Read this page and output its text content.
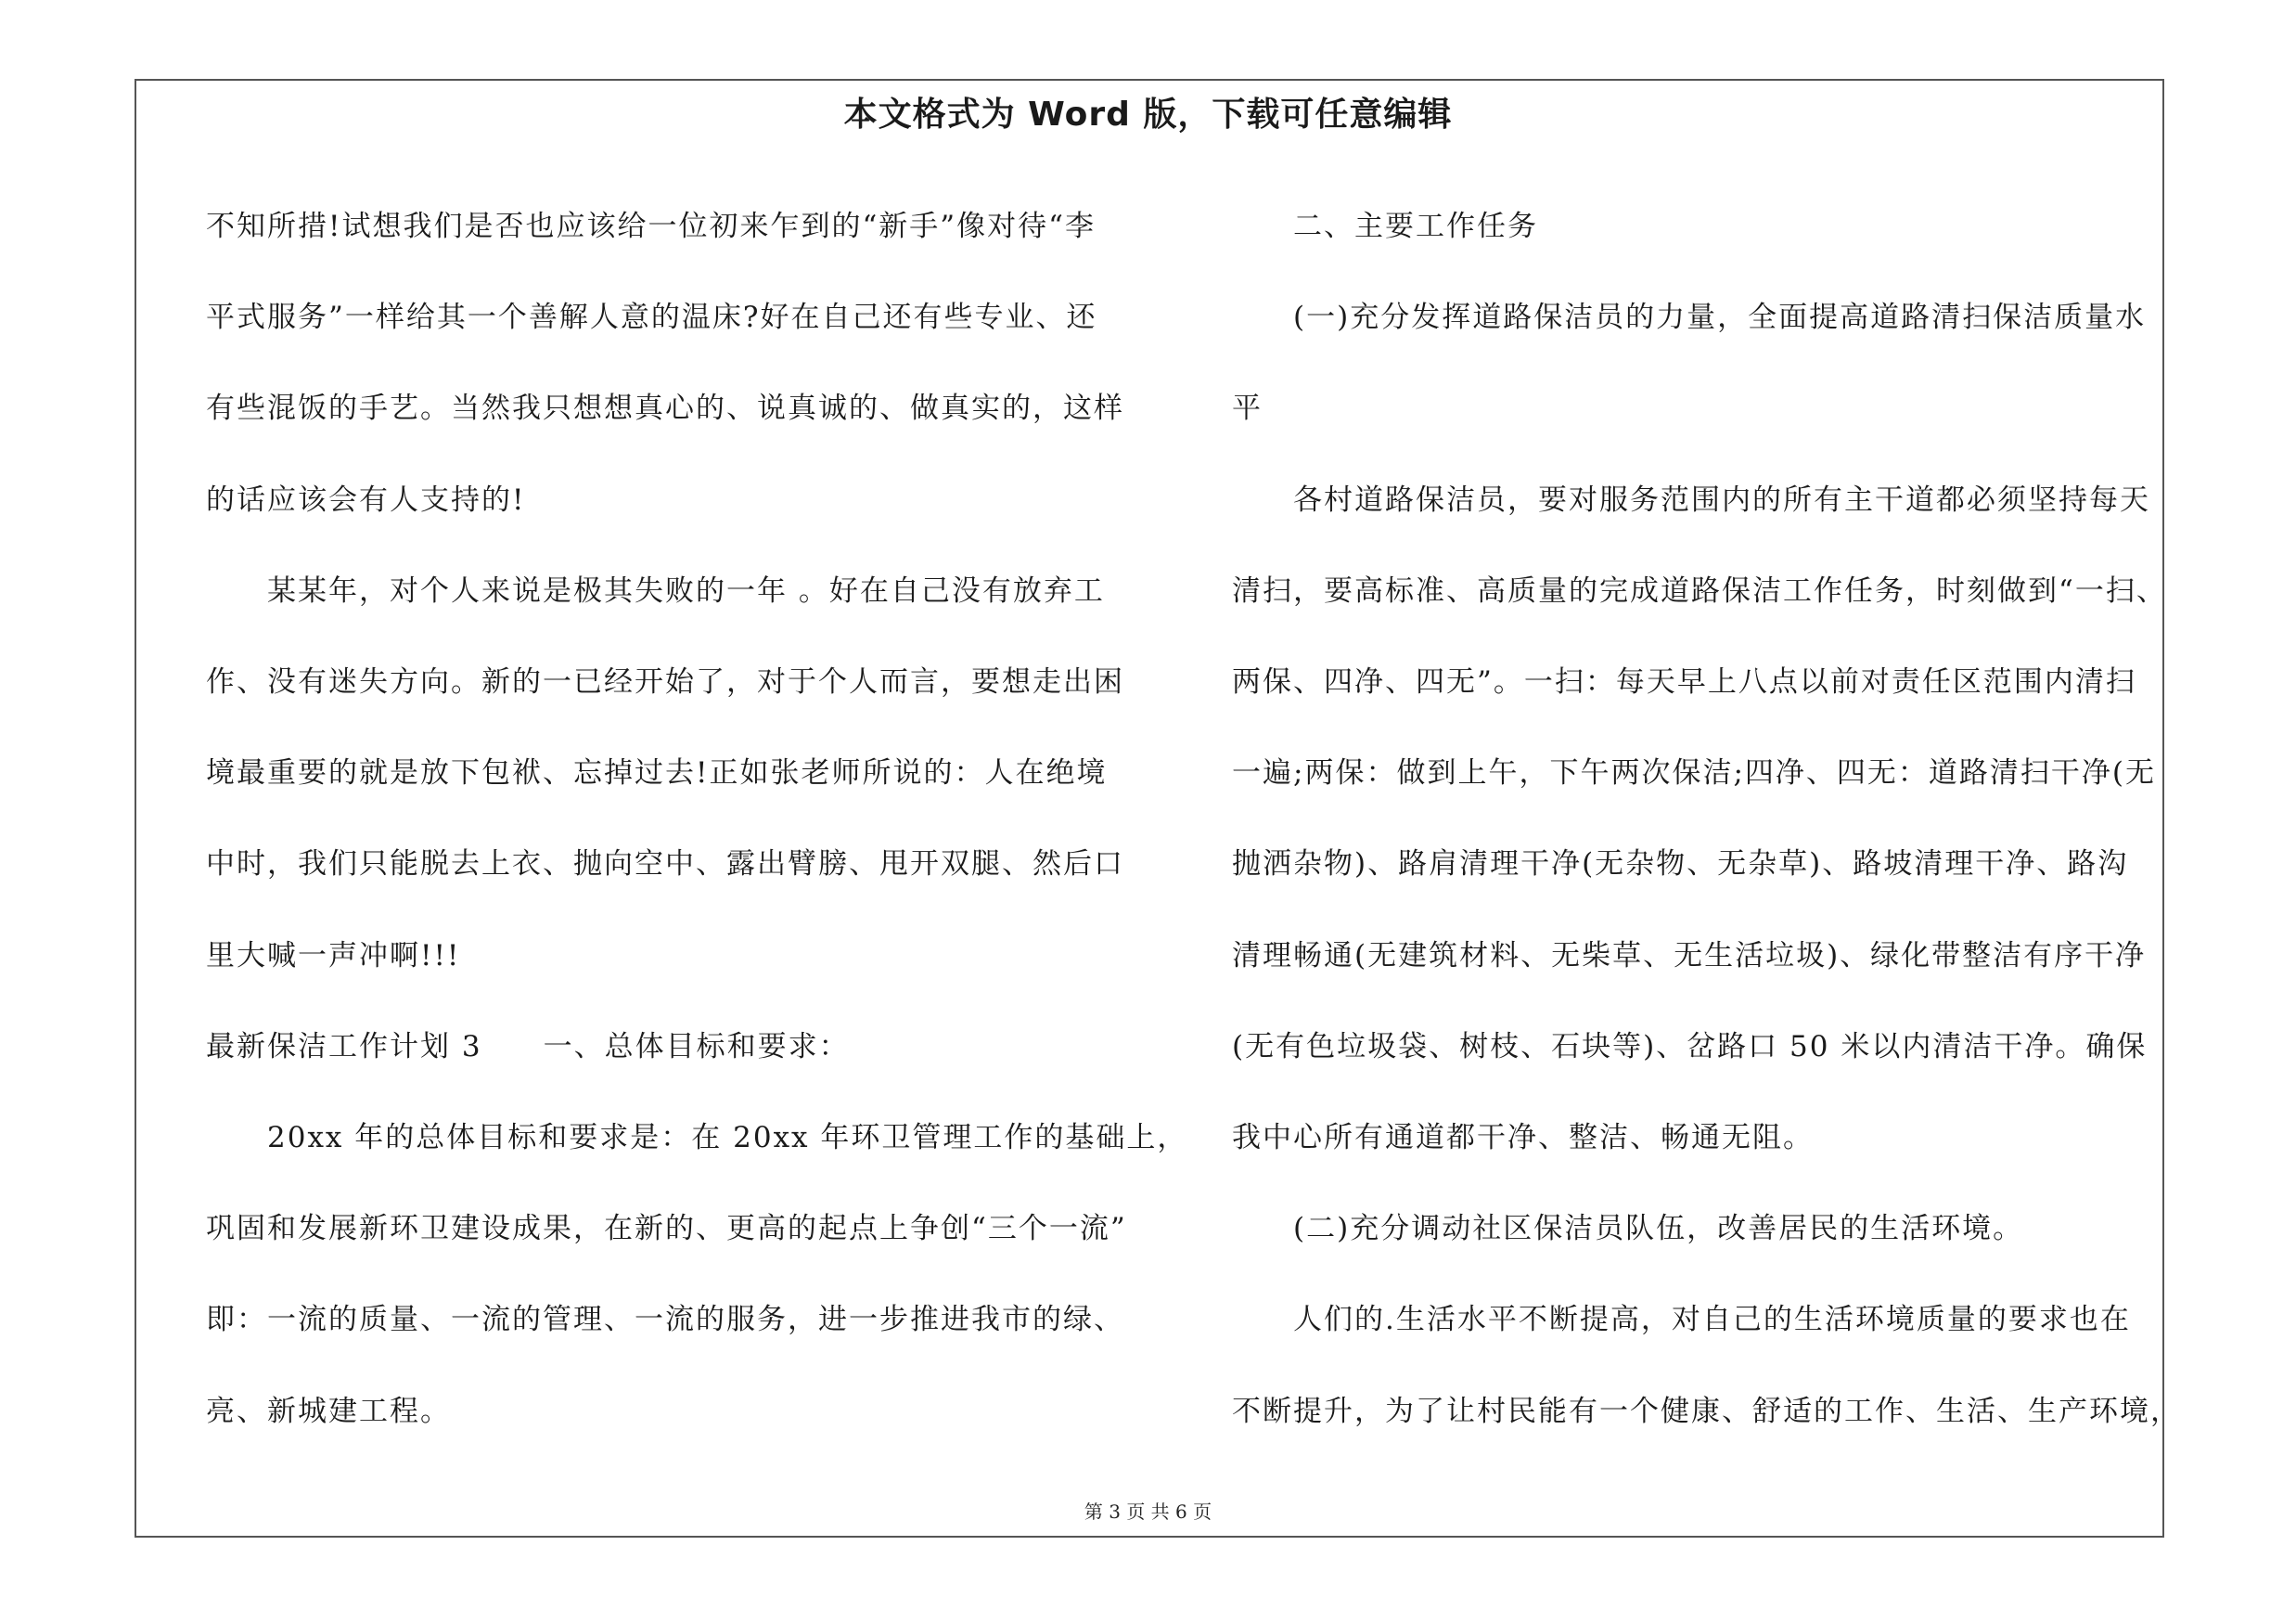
本文格式为 Word 版，下载可任意编辑

不知所措!试想我们是否也应该给一位初来乍到的“新手”像对待“李

平式服务”一样给其一个善解人意的温床?好在自己还有些专业、还

有些混饭的手艺。当然我只想想真心的、说真诚的、做真实的，这样

的话应该会有人支持的!

　　某某年，对个人来说是极其失败的一年 。好在自己没有放弃工

作、没有迷失方向。新的一已经开始了，对于个人而言，要想走出困

境最重要的就是放下包袱、忘掉过去!正如张老师所说的：人在绝境

中时，我们只能脱去上衣、抛向空中、露出臂膀、甩开双腿、然后口

里大喊一声冲啊!!!

最新保洁工作计划 3　　一、总体目标和要求：

　　20xx 年的总体目标和要求是：在 20xx 年环卫管理工作的基础上，

巩固和发展新环卫建设成果，在新的、更高的起点上争创“三个一流”

即：一流的质量、一流的管理、一流的服务，进一步推进我市的绿、

亮、新城建工程。

　　二、主要工作任务

　　(一)充分发挥道路保洁员的力量，全面提高道路清扫保洁质量水

平

　　各村道路保洁员，要对服务范围内的所有主干道都必须坚持每天

清扫，要高标准、高质量的完成道路保洁工作任务，时刻做到“一扫、

两保、四净、四无”。一扫：每天早上八点以前对责任区范围内清扫

一遍;两保：做到上午，下午两次保洁;四净、四无：道路清扫干净(无

抛洒杂物)、路肩清理干净(无杂物、无杂草)、路坡清理干净、路沟

清理畅通(无建筑材料、无柴草、无生活垃圾)、绿化带整洁有序干净

(无有色垃圾袋、树枝、石块等)、岔路口 50 米以内清洁干净。确保

我中心所有通道都干净、整洁、畅通无阻。

　　(二)充分调动社区保洁员队伍，改善居民的生活环境。

　　人们的.生活水平不断提高，对自己的生活环境质量的要求也在

不断提升，为了让村民能有一个健康、舒适的工作、生活、生产环境，

第 3 页 共 6 页
